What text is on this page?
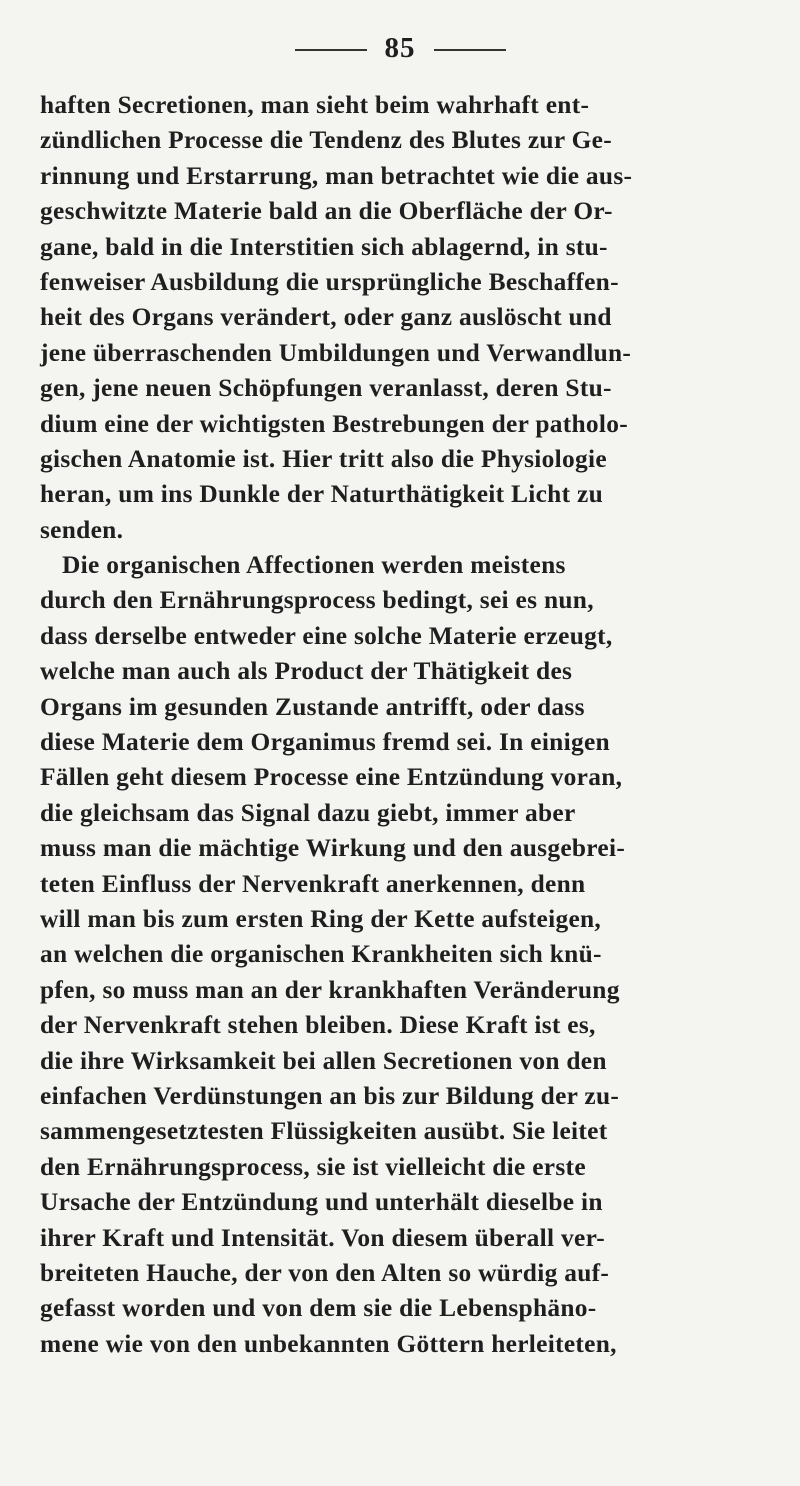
85
haften Secretionen, man sieht beim wahrhaft ent-
zündlichen Processe die Tendenz des Blutes zur Ge-
rinnung und Erstarrung, man betrachtet wie die aus-
geschwitzte Materie bald an die Oberfläche der Or-
gane, bald in die Interstitien sich ablagernd, in stu-
fenweiser Ausbildung die ursprüngliche Beschaffen-
heit des Organs verändert, oder ganz auslöscht und
jene überraschenden Umbildungen und Verwandlun-
gen, jene neuen Schöpfungen veranlasst, deren Stu-
dium eine der wichtigsten Bestrebungen der patholo-
gischen Anatomie ist. Hier tritt also die Physiologie
heran, um ins Dunkle der Naturthätigkeit Licht zu
senden.
Die organischen Affectionen werden meistens
durch den Ernährungsprocess bedingt, sei es nun,
dass derselbe entweder eine solche Materie erzeugt,
welche man auch als Product der Thätigkeit des
Organs im gesunden Zustande antrifft, oder dass
diese Materie dem Organimus fremd sei. In einigen
Fällen geht diesem Processe eine Entzündung voran,
die gleichsam das Signal dazu giebt, immer aber
muss man die mächtige Wirkung und den ausgebrei-
teten Einfluss der Nervenkraft anerkennen, denn
will man bis zum ersten Ring der Kette aufsteigen,
an welchen die organischen Krankheiten sich knü-
pfen, so muss man an der krankhaften Veränderung
der Nervenkraft stehen bleiben. Diese Kraft ist es,
die ihre Wirksamkeit bei allen Secretionen von den
einfachen Verdünstungen an bis zur Bildung der zu-
sammengesetztesten Flüssigkeiten ausübt. Sie leitet
den Ernährungsprocess, sie ist vielleicht die erste
Ursache der Entzündung und unterhält dieselbe in
ihrer Kraft und Intensität. Von diesem überall ver-
breiteten Hauche, der von den Alten so würdig auf-
gefasst worden und von dem sie die Lebensphäno-
mene wie von den unbekannten Göttern herleiteten,
